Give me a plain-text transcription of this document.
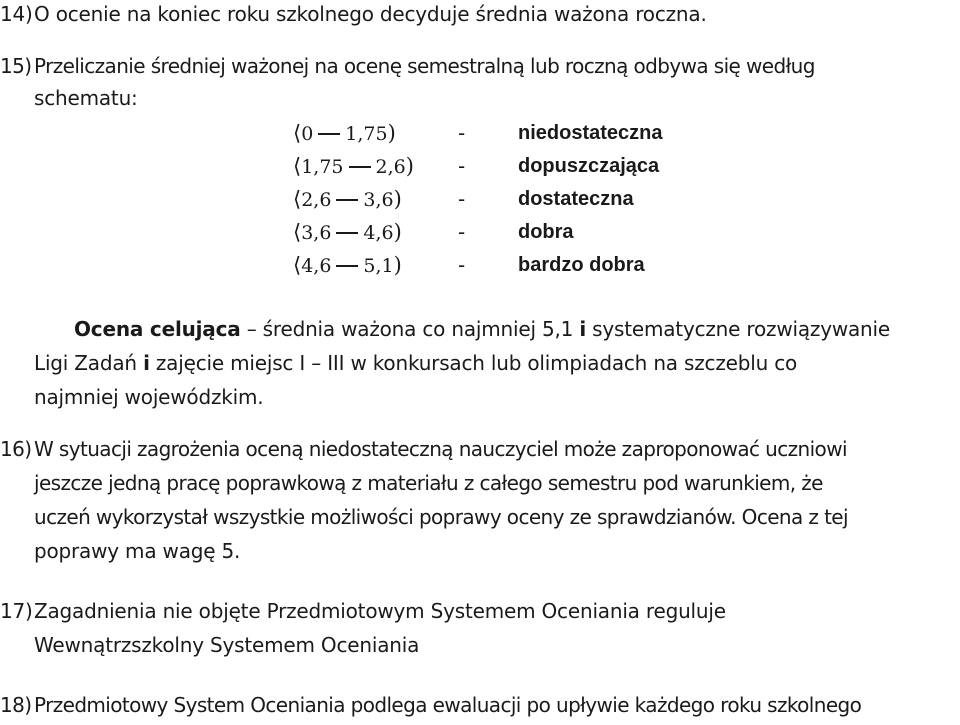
14)O ocenie na koniec roku szkolnego decyduje średnia ważona roczna.
15) Przeliczanie średniej ważonej na ocenę semestralną lub roczną odbywa się według
schematu:
⟨0 1,75)	-	niedostateczna
⟨1,75 2,6) -	dopuszczająca
⟨2,6 3,6)	-	dostateczna
⟨3,6 4,6)	-	dobra
⟨4,6 5,1)	-	bardzo dobra
Ocena celująca – średnia ważona co najmniej 5,1 i systematyczne rozwiązywanie
Ligi Zadań i zajęcie miejsc I – III w konkursach lub olimpiadach na szczeblu co
najmniej wojewódzkim.
16) W sytuacji zagrożenia oceną niedostateczną nauczyciel może zaproponować uczniowi
jeszcze jedną pracę poprawkową z materiału z całego semestru pod warunkiem, że
uczeń wykorzystał wszystkie możliwości poprawy oceny ze sprawdzianów. Ocena z tej
poprawy ma wagę 5.
17)Zagadnienia nie objęte Przedmiotowym Systemem Oceniania reguluje
Wewnątrzszkolny Systemem Oceniania
18) Przedmiotowy System Oceniania podlega ewaluacji po upływie każdego roku szkolnego
